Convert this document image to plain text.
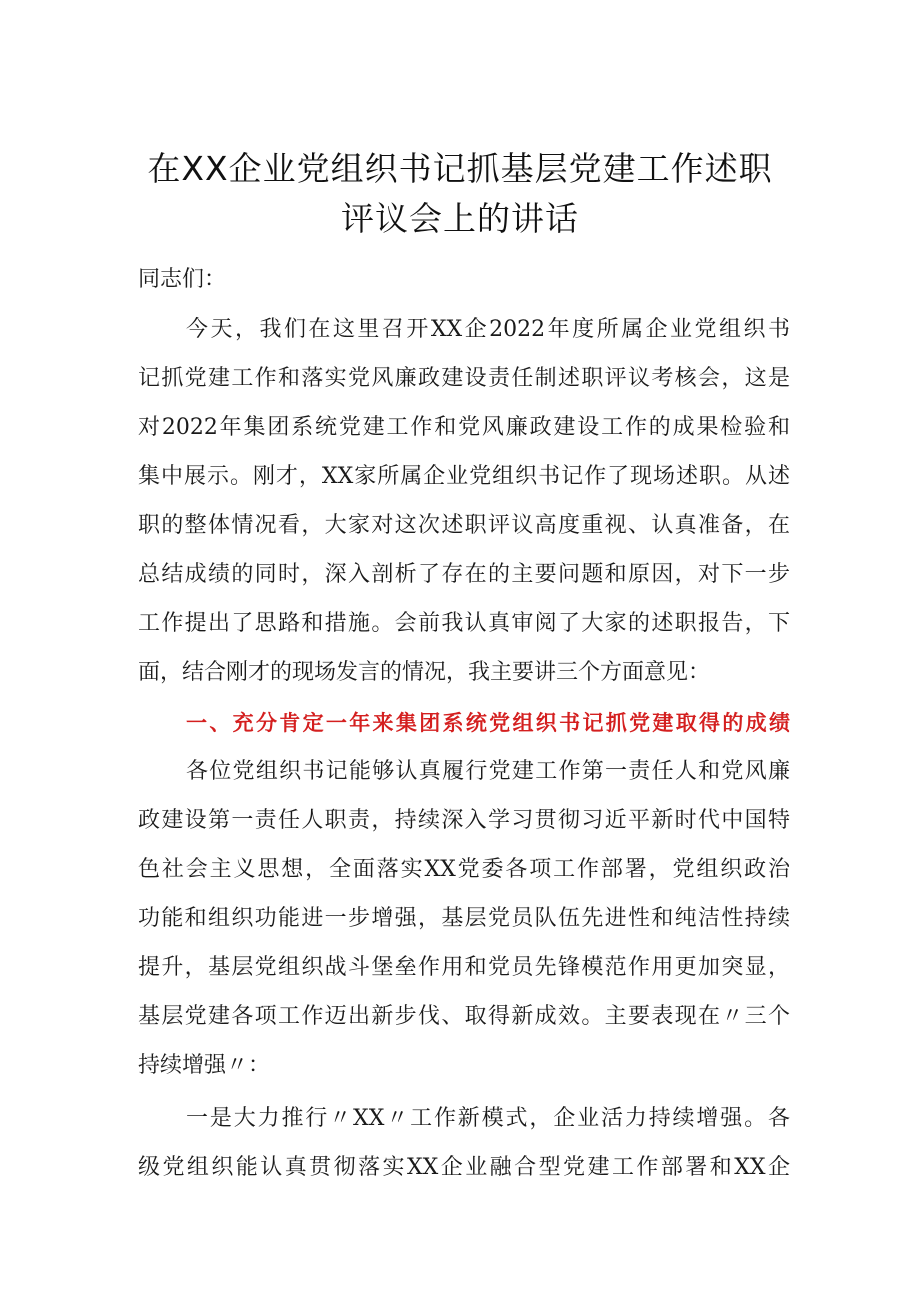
在XX企业党组织书记抓基层党建工作述职
评议会上的讲话

同志们：

今天，我们在这里召开XX企2022年度所属企业党组织书

记抓党建工作和落实党风廉政建设责任制述职评议考核会，这是

对2022年集团系统党建工作和党风廉政建设工作的成果检验和

集中展示。刚才，XX家所属企业党组织书记作了现场述职。从述

职的整体情况看，大家对这次述职评议高度重视、认真准备，在

总结成绩的同时，深入剖析了存在的主要问题和原因，对下一步

工作提出了思路和措施。会前我认真审阅了大家的述职报告，下

面，结合刚才的现场发言的情况，我主要讲三个方面意见：

一、充分肯定一年来集团系统党组织书记抓党建取得的成绩

各位党组织书记能够认真履行党建工作第一责任人和党风廉

政建设第一责任人职责，持续深入学习贯彻习近平新时代中国特

色社会主义思想，全面落实XX党委各项工作部署，党组织政治

功能和组织功能进一步增强，基层党员队伍先进性和纯洁性持续

提升，基层党组织战斗堡垒作用和党员先锋模范作用更加突显，

基层党建各项工作迈出新步伐、取得新成效。主要表现在〃三个

持续增强〃：

一是大力推行〃XX〃工作新模式，企业活力持续增强。各

级党组织能认真贯彻落实XX企业融合型党建工作部署和XX企
